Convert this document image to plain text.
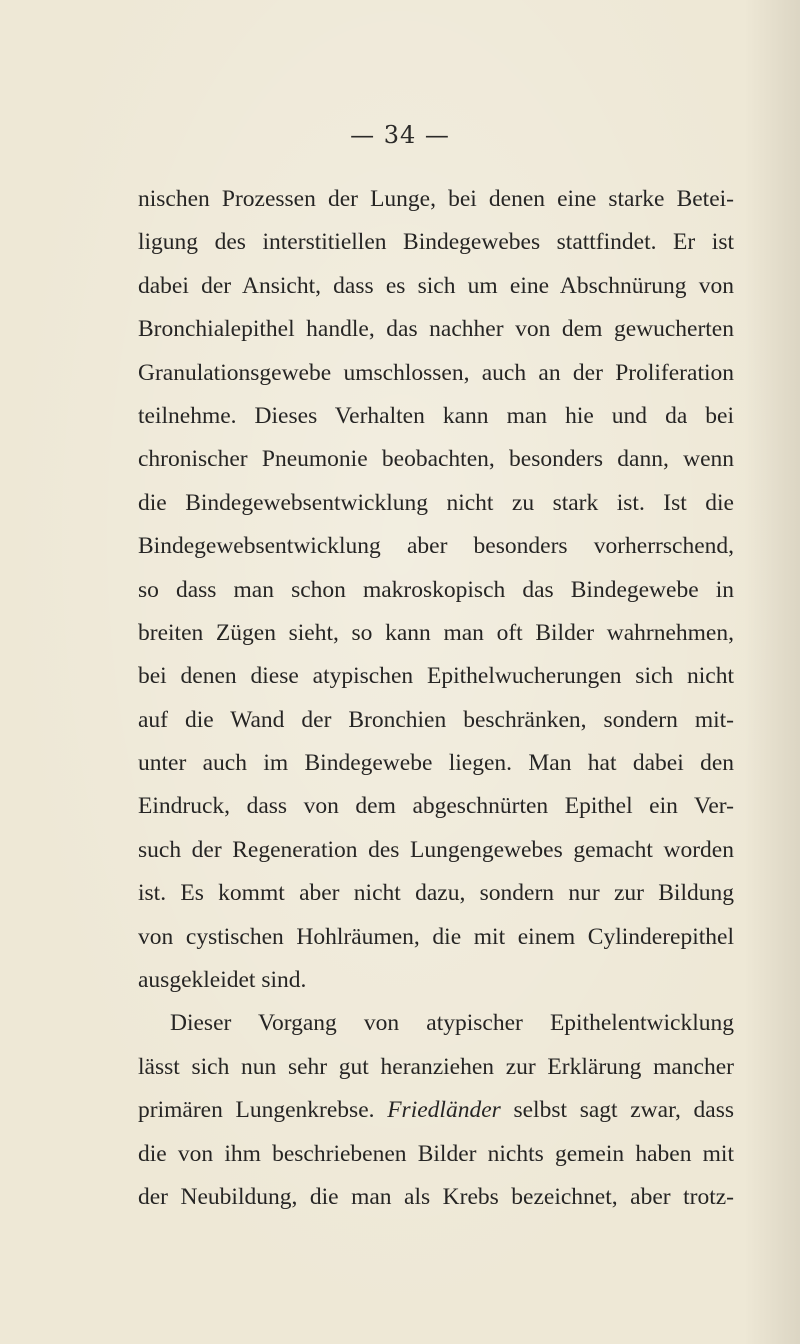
— 34 —
nischen Prozessen der Lunge, bei denen eine starke Betei-
ligung des interstitiellen Bindegewebes stattfindet. Er ist
dabei der Ansicht, dass es sich um eine Abschnürung von
Bronchialepithel handle, das nachher von dem gewucherten
Granulationsgewebe umschlossen, auch an der Proliferation
teilnehme. Dieses Verhalten kann man hie und da bei
chronischer Pneumonie beobachten, besonders dann, wenn
die Bindegewebsentwicklung nicht zu stark ist. Ist die
Bindegewebsentwicklung aber besonders vorherrschend,
so dass man schon makroskopisch das Bindegewebe in
breiten Zügen sieht, so kann man oft Bilder wahrnehmen,
bei denen diese atypischen Epithelwucherungen sich nicht
auf die Wand der Bronchien beschränken, sondern mit-
unter auch im Bindegewebe liegen. Man hat dabei den
Eindruck, dass von dem abgeschnürten Epithel ein Ver-
such der Regeneration des Lungengewebes gemacht worden
ist. Es kommt aber nicht dazu, sondern nur zur Bildung
von cystischen Hohlräumen, die mit einem Cylinderepithel
ausgekleidet sind.
Dieser Vorgang von atypischer Epithelentwicklung
lässt sich nun sehr gut heranziehen zur Erklärung mancher
primären Lungenkrebse. Friedländer selbst sagt zwar, dass
die von ihm beschriebenen Bilder nichts gemein haben mit
der Neubildung, die man als Krebs bezeichnet, aber trotz-
